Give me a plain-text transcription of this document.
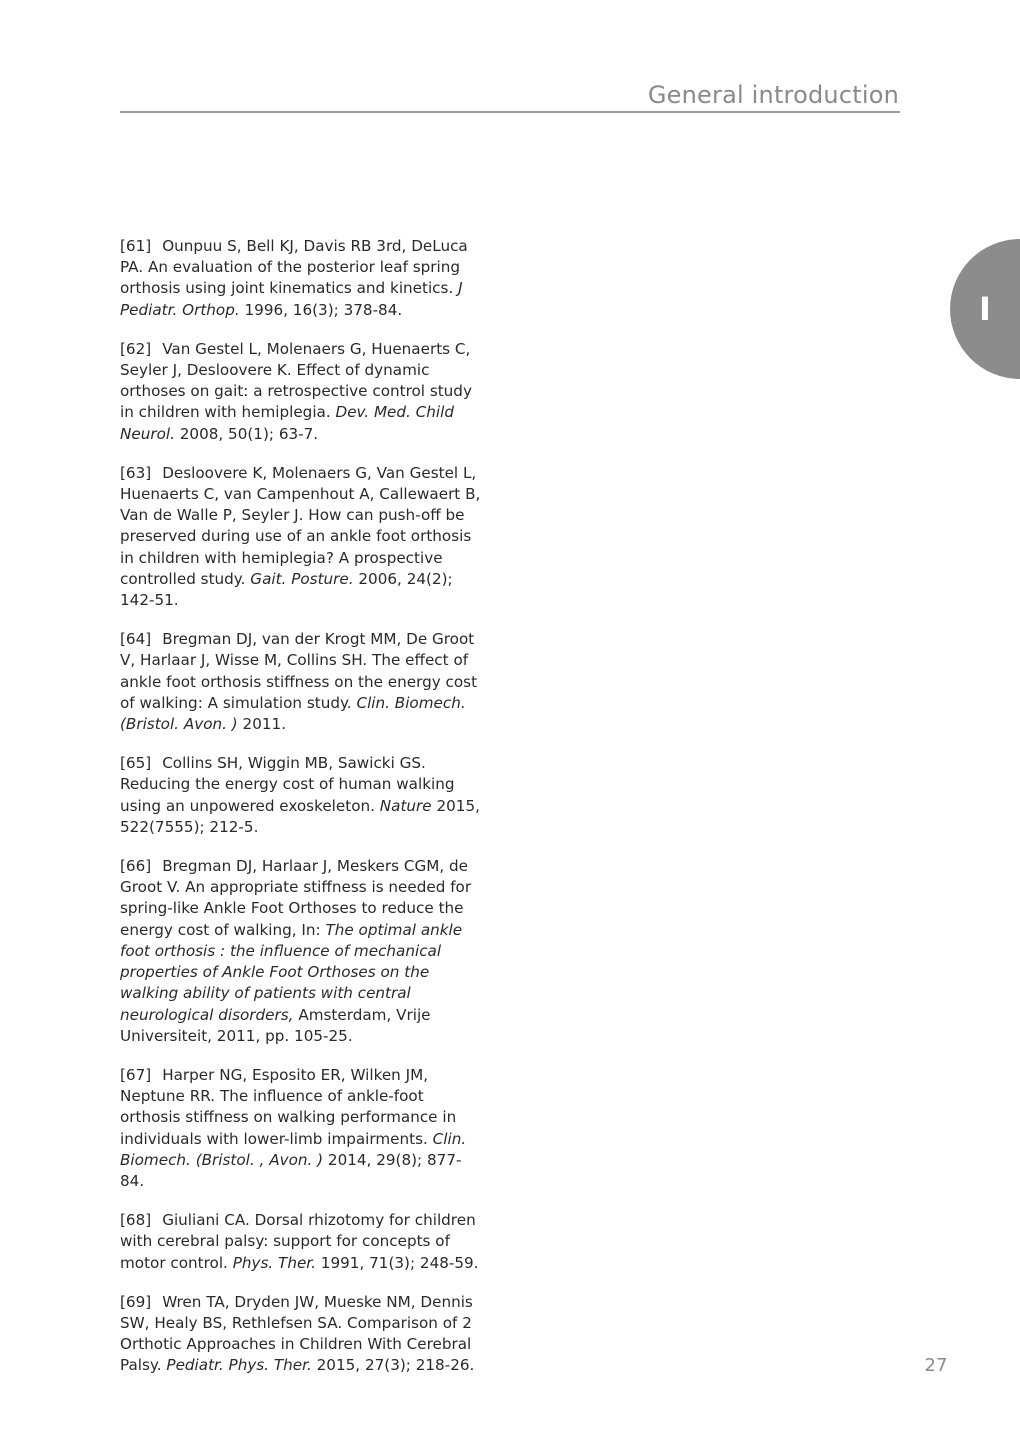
General introduction
I

[61] Ounpuu S, Bell KJ, Davis RB 3rd, DeLuca PA. An evaluation of the posterior leaf spring orthosis using joint kinematics and kinetics. J Pediatr. Orthop. 1996, 16(3); 378-84.

[62] Van Gestel L, Molenaers G, Huenaerts C, Seyler J, Desloovere K. Effect of dynamic orthoses on gait: a retrospective control study in children with hemiplegia. Dev. Med. Child Neurol. 2008, 50(1); 63-7.

[63] Desloovere K, Molenaers G, Van Gestel L, Huenaerts C, van Campenhout A, Callewaert B, Van de Walle P, Seyler J. How can push-off be preserved during use of an ankle foot orthosis in children with hemiplegia? A prospective controlled study. Gait. Posture. 2006, 24(2); 142-51.

[64] Bregman DJ, van der Krogt MM, De Groot V, Harlaar J, Wisse M, Collins SH. The effect of ankle foot orthosis stiffness on the energy cost of walking: A simulation study. Clin. Biomech. (Bristol. Avon. ) 2011.

[65] Collins SH, Wiggin MB, Sawicki GS. Reducing the energy cost of human walking using an unpowered exoskeleton. Nature 2015, 522(7555); 212-5.

[66] Bregman DJ, Harlaar J, Meskers CGM, de Groot V. An appropriate stiffness is needed for spring-like Ankle Foot Orthoses to reduce the energy cost of walking, In: The optimal ankle foot orthosis : the influence of mechanical properties of Ankle Foot Orthoses on the walking ability of patients with central neurological disorders, Amsterdam, Vrije Universiteit, 2011, pp. 105-25.

[67] Harper NG, Esposito ER, Wilken JM, Neptune RR. The influence of ankle-foot orthosis stiffness on walking performance in individuals with lower-limb impairments. Clin. Biomech. (Bristol. , Avon. ) 2014, 29(8); 877-84.

[68] Giuliani CA. Dorsal rhizotomy for children with cerebral palsy: support for concepts of motor control. Phys. Ther. 1991, 71(3); 248-59.

[69] Wren TA, Dryden JW, Mueske NM, Dennis SW, Healy BS, Rethlefsen SA. Comparison of 2 Orthotic Approaches in Children With Cerebral Palsy. Pediatr. Phys. Ther. 2015, 27(3); 218-26.	27
